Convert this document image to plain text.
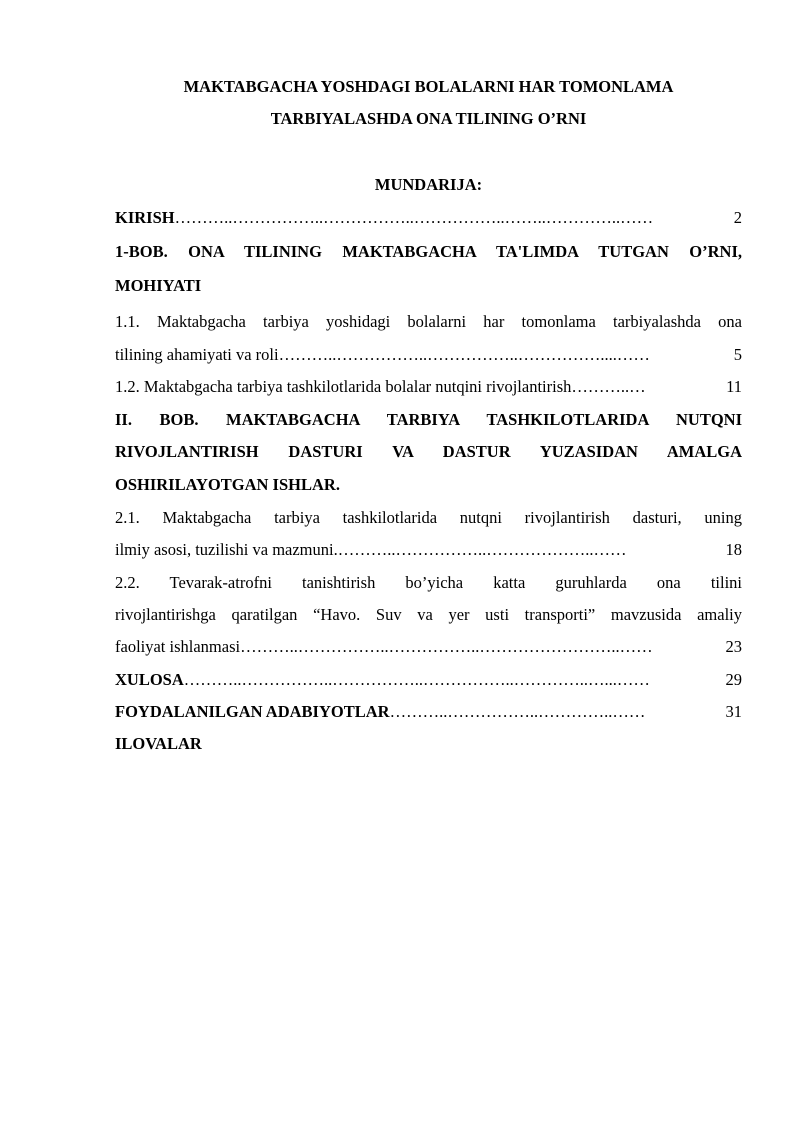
MAKTABGACHA YOSHDAGI BOLALARNI HAR TOMONLAMA
TARBIYALASHDA ONA TILINING O’RNI
MUNDARIJA:
KIRISH ………..……………..……………..……………..……..…………..……	2
1-BOB. ONA TILINING MAKTABGACHA TA'LIMDA TUTGAN O’RNI,
MOHIYATI
1.1. Maktabgacha tarbiya yoshidagi bolalarni har tomonlama tarbiyalashda ona
tilining ahamiyati va roli ………..……………..……………..……………....……	5
1.2. Maktabgacha tarbiya tashkilotlarida bolalar nutqini rivojlantirish ………..…	11
II. BOB. MAKTABGACHA TARBIYA TASHKILOTLARIDA NUTQNI
RIVOJLANTIRISH DASTURI VA DASTUR YUZASIDAN AMALGA
OSHIRILAYOTGAN ISHLAR.
2.1. Maktabgacha tarbiya tashkilotlarida nutqni rivojlantirish dasturi, uning
ilmiy asosi, tuzilishi va mazmuni. ………..……………..………………..……	18
2.2. Tevarak-atrofni tanishtirish bo’yicha katta guruhlarda ona tilini
rivojlantirishga qaratilgan “Havo. Suv va yer usti transporti” mavzusida amaliy
faoliyat ishlanmasi ………..……………..……………..……………………..……	23
XULOSA ………..……………..……………..……………..…………..…...……	29
FOYDALANILGAN ADABIYOTLAR ………..……………..…………..……	31
ILOVALAR
